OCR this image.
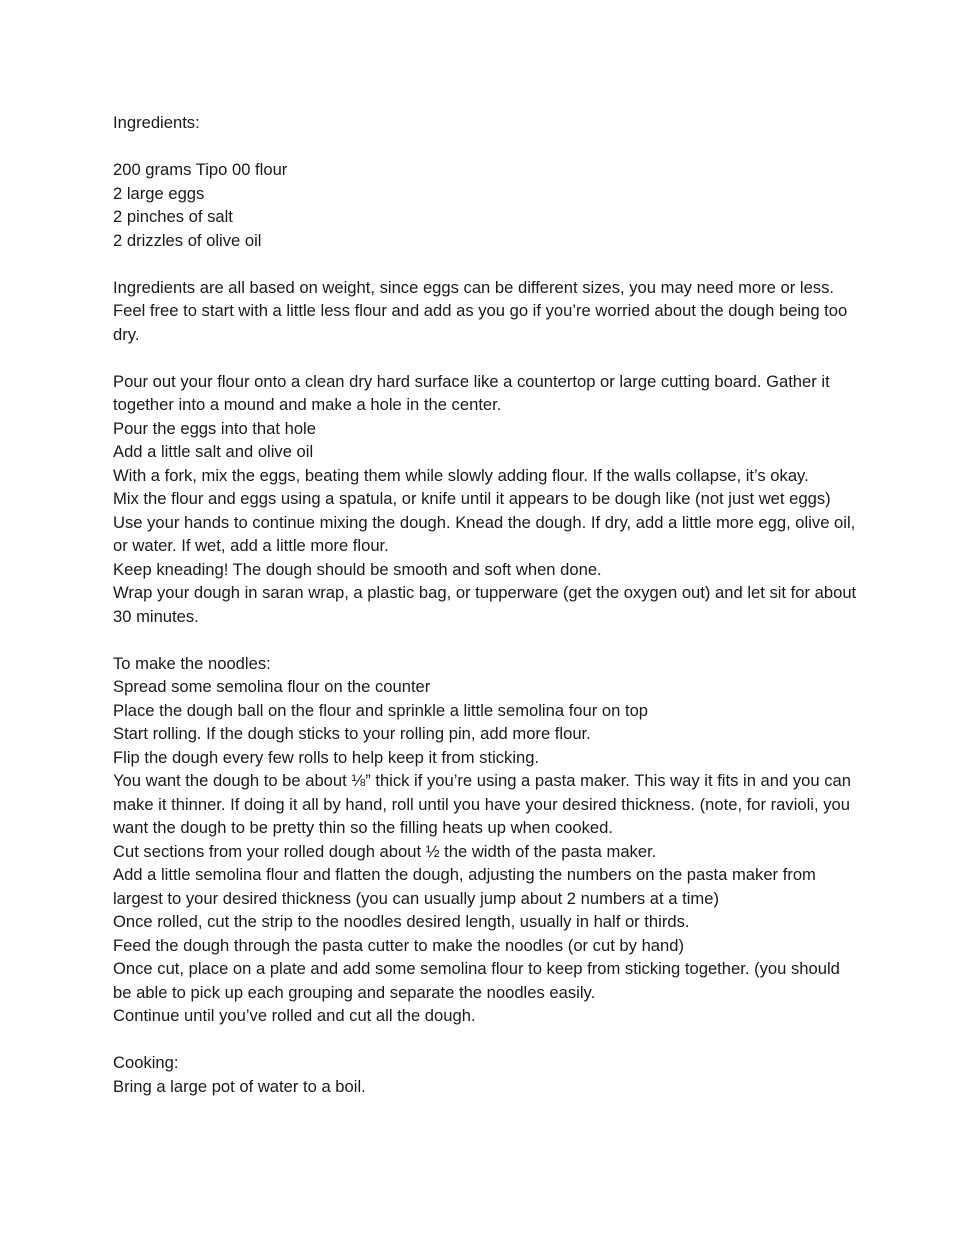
Ingredients:

200 grams Tipo 00 flour

2 large eggs

2 pinches of salt

2 drizzles of olive oil

Ingredients are all based on weight, since eggs can be different sizes, you may need more or less. Feel free to start with a little less flour and add as you go if you’re worried about the dough being too dry.

Pour out your flour onto a clean dry hard surface like a countertop or large cutting board. Gather it together into a mound and make a hole in the center.

Pour the eggs into that hole

Add a little salt and olive oil

With a fork, mix the eggs, beating them while slowly adding flour. If the walls collapse, it’s okay.

Mix the flour and eggs using a spatula, or knife until it appears to be dough like (not just wet eggs)

Use your hands to continue mixing the dough. Knead the dough. If dry, add a little more egg, olive oil, or water. If wet, add a little more flour.

Keep kneading! The dough should be smooth and soft when done.

Wrap your dough in saran wrap, a plastic bag, or tupperware (get the oxygen out) and let sit for about 30 minutes.

To make the noodles:

Spread some semolina flour on the counter

Place the dough ball on the flour and sprinkle a little semolina four on top

Start rolling. If the dough sticks to your rolling pin, add more flour.

Flip the dough every few rolls to help keep it from sticking.

You want the dough to be about ⅛” thick if you’re using a pasta maker. This way it fits in and you can make it thinner. If doing it all by hand, roll until you have your desired thickness. (note, for ravioli, you want the dough to be pretty thin so the filling heats up when cooked.

Cut sections from your rolled dough about ½ the width of the pasta maker.

Add a little semolina flour and flatten the dough, adjusting the numbers on the pasta maker from largest to your desired thickness (you can usually jump about 2 numbers at a time)

Once rolled, cut the strip to the noodles desired length, usually in half or thirds.

Feed the dough through the pasta cutter to make the noodles (or cut by hand)

Once cut, place on a plate and add some semolina flour to keep from sticking together. (you should be able to pick up each grouping and separate the noodles easily.

Continue until you’ve rolled and cut all the dough.

Cooking:

Bring a large pot of water to a boil.
